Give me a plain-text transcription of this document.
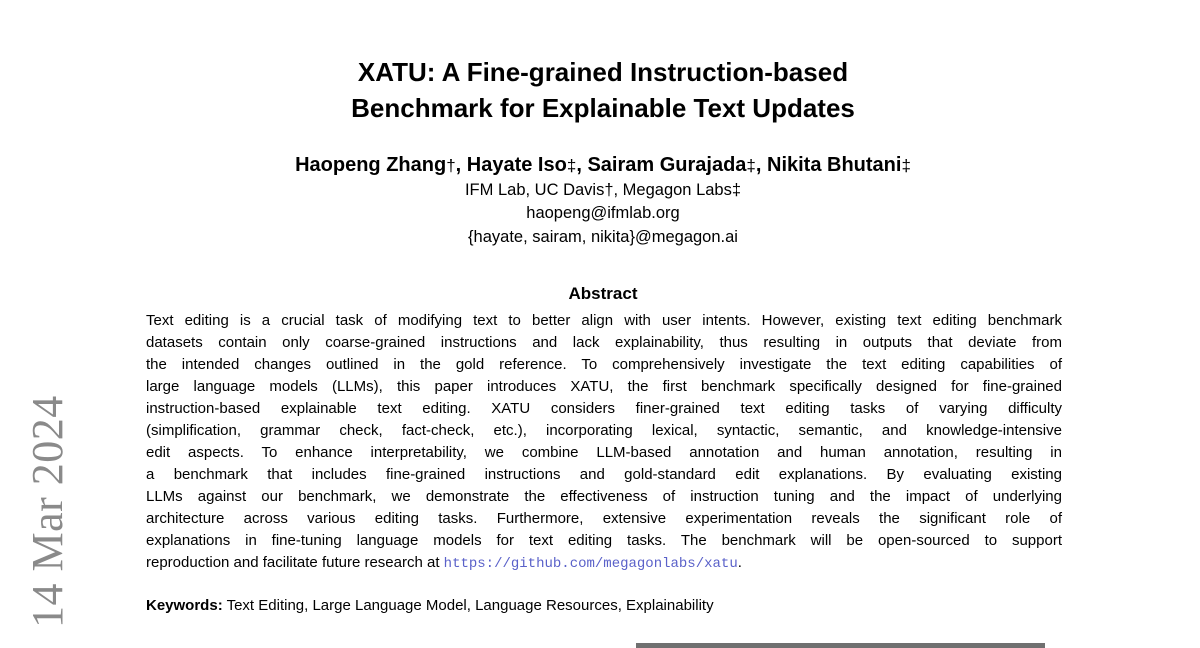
14 Mar 2024
XATU: A Fine-grained Instruction-based
Benchmark for Explainable Text Updates
Haopeng Zhang†, Hayate Iso‡, Sairam Gurajada‡, Nikita Bhutani‡
IFM Lab, UC Davis†, Megagon Labs‡
haopeng@ifmlab.org
{hayate, sairam, nikita}@megagon.ai
Abstract
Text editing is a crucial task of modifying text to better align with user intents. However, existing text editing benchmark
datasets contain only coarse-grained instructions and lack explainability, thus resulting in outputs that deviate from
the intended changes outlined in the gold reference. To comprehensively investigate the text editing capabilities of
large language models (LLMs), this paper introduces XATU, the first benchmark specifically designed for fine-grained
instruction-based explainable text editing. XATU considers finer-grained text editing tasks of varying difficulty
(simplification, grammar check, fact-check, etc.), incorporating lexical, syntactic, semantic, and knowledge-intensive
edit aspects. To enhance interpretability, we combine LLM-based annotation and human annotation, resulting in
a benchmark that includes fine-grained instructions and gold-standard edit explanations. By evaluating existing
LLMs against our benchmark, we demonstrate the effectiveness of instruction tuning and the impact of underlying
architecture across various editing tasks. Furthermore, extensive experimentation reveals the significant role of
explanations in fine-tuning language models for text editing tasks. The benchmark will be open-sourced to support
reproduction and facilitate future research at https://github.com/megagonlabs/xatu.
Keywords: Text Editing, Large Language Model, Language Resources, Explainability
